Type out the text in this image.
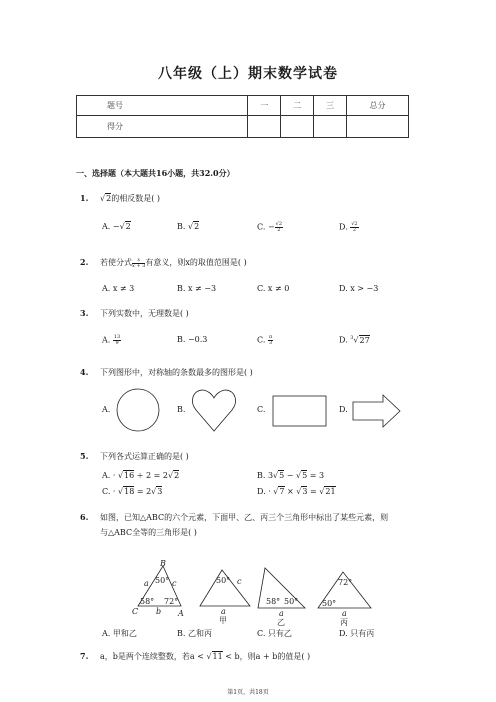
八年级（上）期末数学试卷
题号	一	二	三	总分
得分				
一、选择题（本大题共16小题，共32.0分）
1. √2的相反数是( )
A. −√2	B. √2	C. − $\frac{√2}{2}$	D. $\frac{√2}{2}$
2. 若使分式 $\frac{x}{x + 3}$ 有意义，则x的取值范围是( )
A. x ≠ 3	B. x ≠ −3	C. x ≠ 0	D. x > −3
3. 下列实数中，无理数是( )
A. $\frac{13}{9}$	B. −0.3	C. $\frac{\pi}{3}$	D. $^3$√27
4. 下列图形中，对称轴的条数最多的图形是( )
A.	B.	C.	D.
5. 下列各式运算正确的是( )
A. · √16 ÷ 2 = 2√2	B. 3√5 − √5 = 3
C. · √18 = 2√3	D. · √7 × √3 = √21
6. 如图，已知△ABC的六个元素，下面甲、乙、丙三个三角形中标出了某些元素，则
与△ABC全等的三角形是( )
B
C	A
a	c
b
50°
58° 72°
50° c
a
甲
58° 50°
a
乙
72°
50°
a
丙
A. 甲和乙	B. 乙和丙	C. 只有乙	D. 只有丙
7. a，b是两个连续整数，若a < √11 < b，则a + b的值是( )
第1页，共18页
